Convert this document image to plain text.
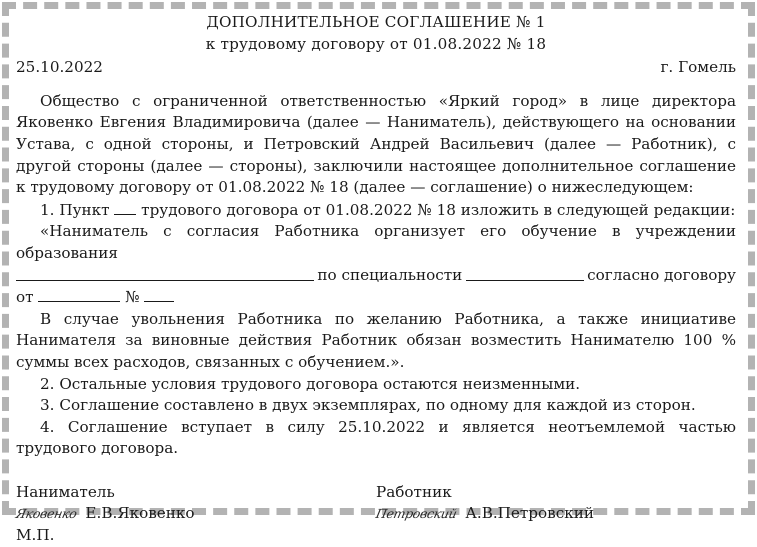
ДОПОЛНИТЕЛЬНОЕ СОГЛАШЕНИЕ № 1
к трудовому договору от 01.08.2022 № 18
25.10.2022	г. Гомель
Общество с ограниченной ответственностью «Яркий город» в лице директора Яковенко Евгения Владимировича (далее — Наниматель), действующего на основании Устава, с одной стороны, и Петровский Андрей Васильевич (далее — Работник), с другой стороны (далее — стороны), заключили настоящее дополнительное соглашение к трудовому договору от 01.08.2022 № 18 (далее — соглашение) о нижеследующем:
1. Пункт трудового договора от 01.08.2022 № 18 изложить в следующей редакции:
«Наниматель с согласия Работника организует его обучение в учреждении образования
по специальности	согласно договору
от	№
В случае увольнения Работника по желанию Работника, а также инициативе Нанимателя за виновные действия Работник обязан возместить Нанимателю 100 % суммы всех расходов, связанных с обучением.».
2. Остальные условия трудового договора остаются неизменными.
3. Соглашение составлено в двух экземплярах, по одному для каждой из сторон.
4. Соглашение вступает в силу 25.10.2022 и является неотъемлемой частью трудового договора.
Наниматель
Яковенко Е.В.Яковенко
М.П.
Работник
Петровский А.В.Петровский
